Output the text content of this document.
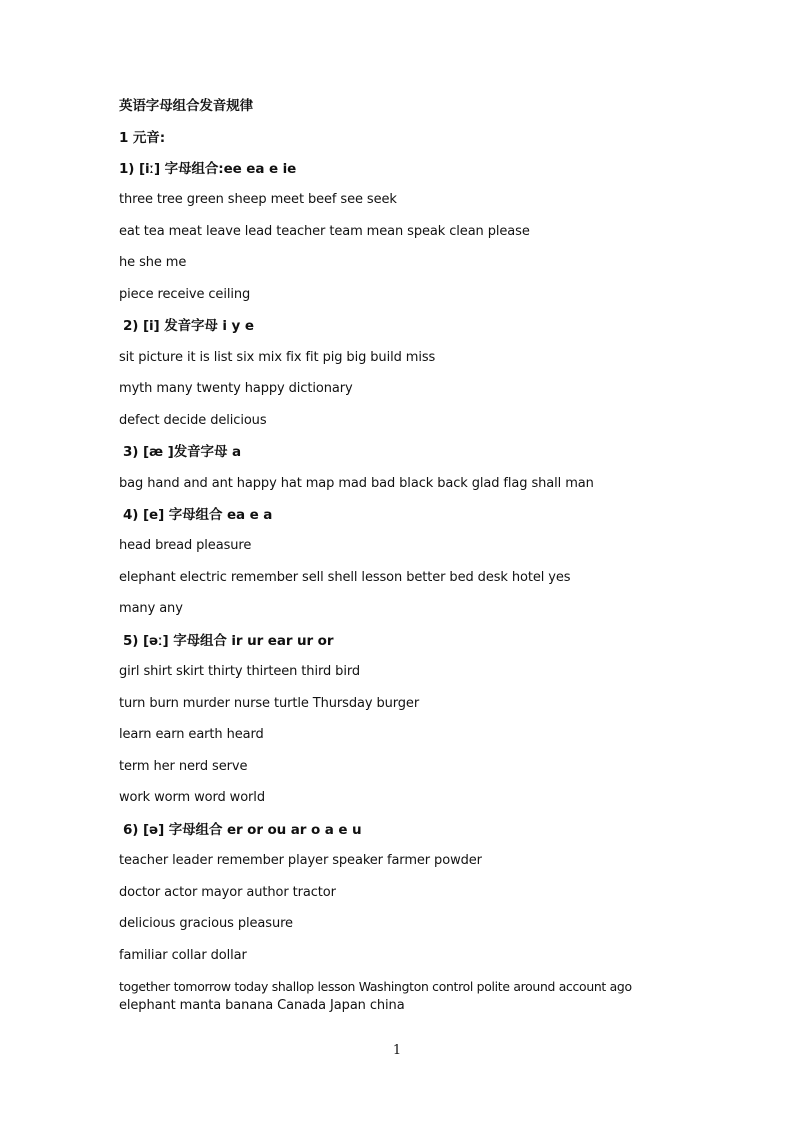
英语字母组合发音规律
1 元音:
1) [iː] 字母组合:ee ea e ie
three tree green sheep meet beef see seek
eat tea meat leave lead teacher team mean speak clean please
he she me
piece receive ceiling
2) [i] 发音字母 i y e
sit picture it is list six mix fix fit pig big build miss
myth many twenty happy dictionary
defect decide delicious
3) [æ ]发音字母 a
bag hand and ant happy hat map mad bad black back glad flag shall man
4) [e] 字母组合 ea e a
head bread pleasure
elephant electric remember sell shell lesson better bed desk hotel yes
many any
5) [əː] 字母组合 ir ur ear ur or
girl shirt skirt thirty thirteen third bird
turn burn murder nurse turtle Thursday burger
learn earn earth heard
term her nerd serve
work worm word world
6) [ə] 字母组合 er or ou ar o a e u
teacher leader remember player speaker farmer powder
doctor actor mayor author tractor
delicious gracious pleasure
familiar collar dollar
together tomorrow today shallop lesson Washington control polite around account ago
elephant manta banana Canada Japan china
1
